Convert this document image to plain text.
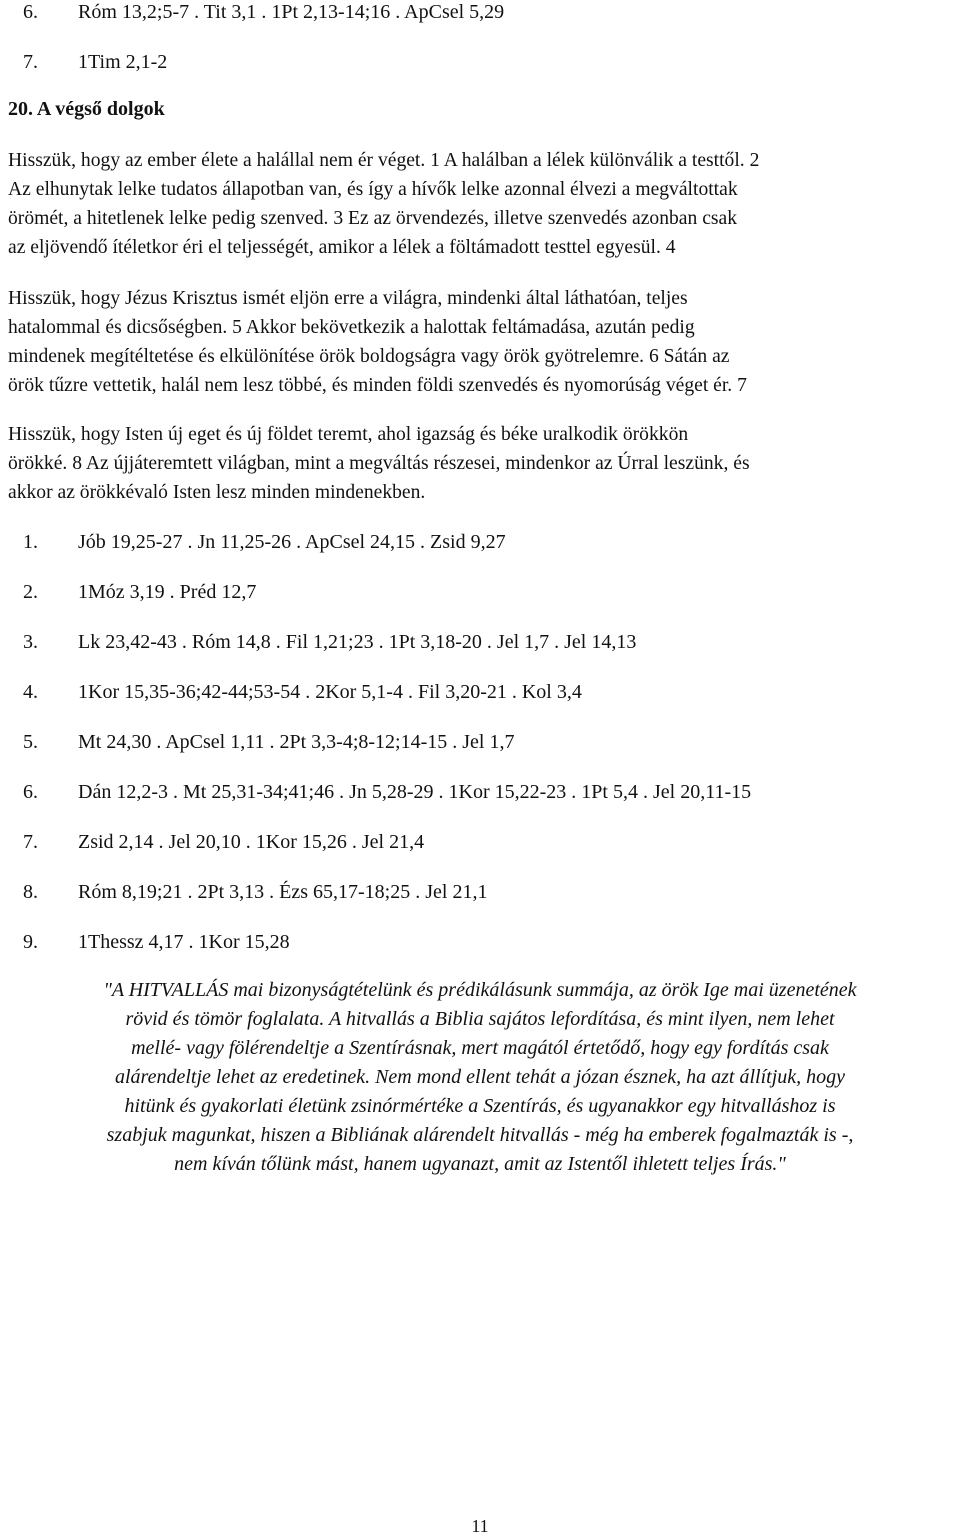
6.	Róm 13,2;5-7 . Tit 3,1 . 1Pt 2,13-14;16 . ApCsel 5,29
7.	1Tim 2,1-2
20. A végső dolgok
Hisszük, hogy az ember élete a halállal nem ér véget. 1 A halálban a lélek különválik a testtől. 2
Az elhunytak lelke tudatos állapotban van, és így a hívők lelke azonnal élvezi a megváltottak
örömét, a hitetlenek lelke pedig szenved. 3 Ez az örvendezés, illetve szenvedés azonban csak
az eljövendő ítéletkor éri el teljességét, amikor a lélek a föltámadott testtel egyesül. 4
Hisszük, hogy Jézus Krisztus ismét eljön erre a világra, mindenki által láthatóan, teljes
hatalommal és dicsőségben. 5 Akkor bekövetkezik a halottak feltámadása, azután pedig
mindenek megítéltetése és elkülönítése örök boldogságra vagy örök gyötrelemre. 6 Sátán az
örök tűzre vettetik, halál nem lesz többé, és minden földi szenvedés és nyomorúság véget ér. 7
Hisszük, hogy Isten új eget és új földet teremt, ahol igazság és béke uralkodik örökkön
örökké. 8 Az újjáteremtett világban, mint a megváltás részesei, mindenkor az Úrral leszünk, és
akkor az örökkévaló Isten lesz minden mindenekben.
1.	Jób 19,25-27 . Jn 11,25-26 . ApCsel 24,15 . Zsid 9,27
2.	1Móz 3,19 . Préd 12,7
3.	Lk 23,42-43 . Róm 14,8 . Fil 1,21;23 . 1Pt 3,18-20 . Jel 1,7 . Jel 14,13
4.	1Kor 15,35-36;42-44;53-54 . 2Kor 5,1-4 . Fil 3,20-21 . Kol 3,4
5.	Mt 24,30 . ApCsel 1,11 . 2Pt 3,3-4;8-12;14-15 . Jel 1,7
6.	Dán 12,2-3 . Mt 25,31-34;41;46 . Jn 5,28-29 . 1Kor 15,22-23 . 1Pt 5,4 . Jel 20,11-15
7.	Zsid 2,14 . Jel 20,10 . 1Kor 15,26 . Jel 21,4
8.	Róm 8,19;21 . 2Pt 3,13 . Ézs 65,17-18;25 . Jel 21,1
9.	1Thessz 4,17 . 1Kor 15,28
"A HITVALLÁS mai bizonyságtételünk és prédikálásunk summája, az örök Ige mai üzenetének
rövid és tömör foglalata. A hitvallás a Biblia sajátos lefordítása, és mint ilyen, nem lehet
mellé- vagy fölérendeltje a Szentírásnak, mert magától értetődő, hogy egy fordítás csak
alárendeltje lehet az eredetinek. Nem mond ellent tehát a józan észnek, ha azt állítjuk, hogy
hitünk és gyakorlati életünk zsinórmértéke a Szentírás, és ugyanakkor egy hitvalláshoz is
szabjuk magunkat, hiszen a Bibliának alárendelt hitvallás - még ha emberek fogalmazták is -,
nem kíván tőlünk mást, hanem ugyanazt, amit az Istentől ihletett teljes Írás."
11
